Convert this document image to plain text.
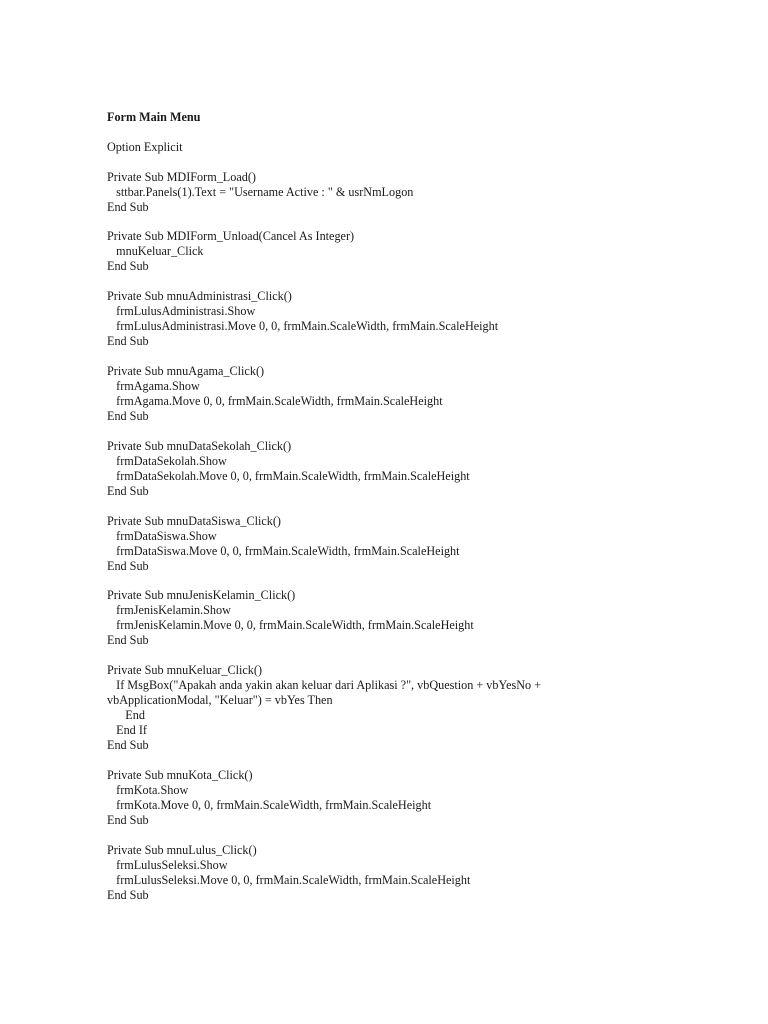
Form Main Menu
Option Explicit
Private Sub MDIForm_Load()
sttbar.Panels(1).Text = "Username Active : " & usrNmLogon
End Sub
Private Sub MDIForm_Unload(Cancel As Integer)
mnuKeluar_Click
End Sub
Private Sub mnuAdministrasi_Click()
frmLulusAdministrasi.Show
frmLulusAdministrasi.Move 0, 0, frmMain.ScaleWidth, frmMain.ScaleHeight
End Sub
Private Sub mnuAgama_Click()
frmAgama.Show
frmAgama.Move 0, 0, frmMain.ScaleWidth, frmMain.ScaleHeight
End Sub
Private Sub mnuDataSekolah_Click()
frmDataSekolah.Show
frmDataSekolah.Move 0, 0, frmMain.ScaleWidth, frmMain.ScaleHeight
End Sub
Private Sub mnuDataSiswa_Click()
frmDataSiswa.Show
frmDataSiswa.Move 0, 0, frmMain.ScaleWidth, frmMain.ScaleHeight
End Sub
Private Sub mnuJenisKelamin_Click()
frmJenisKelamin.Show
frmJenisKelamin.Move 0, 0, frmMain.ScaleWidth, frmMain.ScaleHeight
End Sub
Private Sub mnuKeluar_Click()
If MsgBox("Apakah anda yakin akan keluar dari Aplikasi ?", vbQuestion + vbYesNo +
vbApplicationModal, "Keluar") = vbYes Then
End
End If
End Sub
Private Sub mnuKota_Click()
frmKota.Show
frmKota.Move 0, 0, frmMain.ScaleWidth, frmMain.ScaleHeight
End Sub
Private Sub mnuLulus_Click()
frmLulusSeleksi.Show
frmLulusSeleksi.Move 0, 0, frmMain.ScaleWidth, frmMain.ScaleHeight
End Sub
